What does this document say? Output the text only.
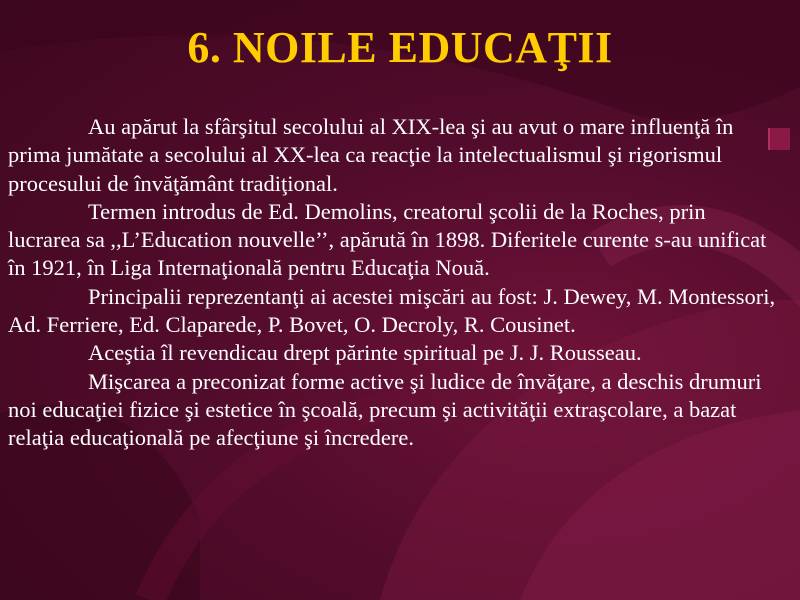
6. NOILE EDUCAŢII

Au apărut la sfârşitul secolului al XIX-lea şi au avut o mare influenţă în prima jumătate a secolului al XX-lea ca reacţie la intelectualismul şi rigorismul procesului de învăţământ tradiţional.

Termen introdus de Ed. Demolins, creatorul şcolii de la Roches, prin lucrarea sa ,,L’Education nouvelle’’, apărută în 1898. Diferitele curente s-au unificat în 1921, în Liga Internaţională pentru Educaţia Nouă.

Principalii reprezentanţi ai acestei mişcări au fost: J. Dewey, M. Montessori, Ad. Ferriere, Ed. Claparede, P. Bovet, O. Decroly, R. Cousinet.

Aceştia îl revendicau drept părinte spiritual pe J. J. Rousseau.

Mişcarea a preconizat forme active şi ludice de învăţare, a deschis drumuri noi educaţiei fizice şi estetice în şcoală, precum şi activităţii extraşcolare, a bazat relaţia educaţională pe afecţiune şi încredere.
